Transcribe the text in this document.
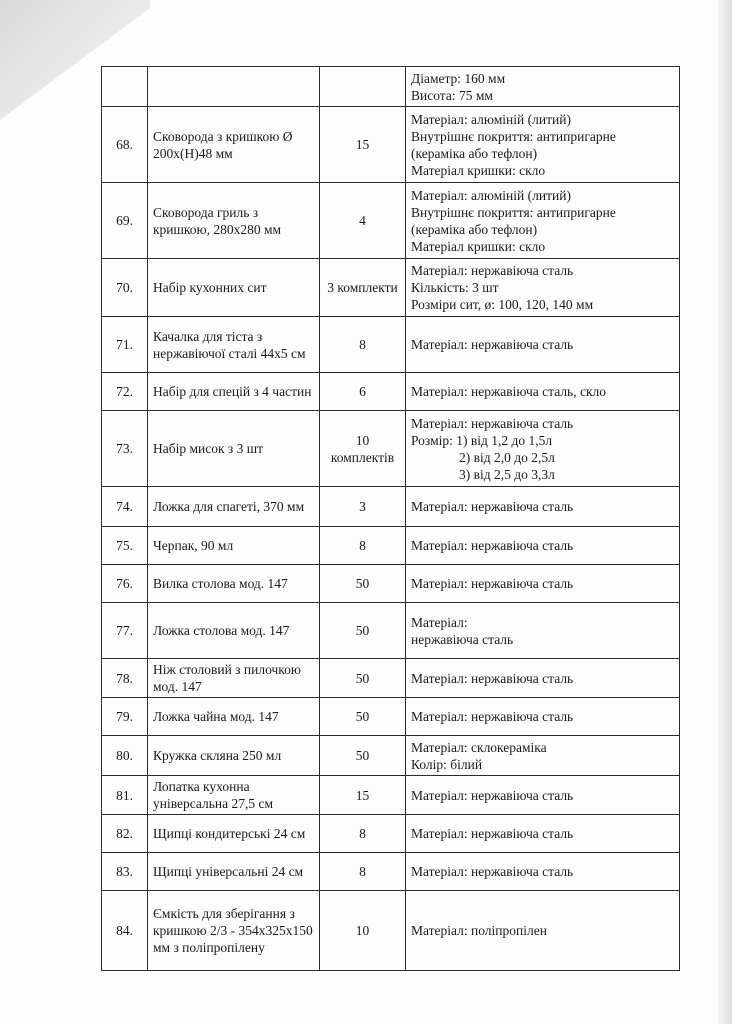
			Діаметр: 160 мм
Висота: 75 мм

68.	Сковорода з кришкою Ø 200х(Н)48 мм	15	Матеріал: алюміній (литий)
Внутрішнє покриття: антипригарне
(кераміка або тефлон)
Матеріал кришки: скло

69.	Сковорода гриль з кришкою, 280х280 мм	4	Матеріал: алюміній (литий)
Внутрішнє покриття: антипригарне
(кераміка або тефлон)
Матеріал кришки: скло

70.	Набір кухонних сит	3 комплекти	Матеріал: нержавіюча сталь
Кількість: 3 шт
Розміри сит, ø: 100, 120, 140 мм

71.	Качалка для тіста з нержавіючої сталі 44х5 см	8	Матеріал: нержавіюча сталь

72.	Набір для спецій з 4 частин	6	Матеріал: нержавіюча сталь, скло

73.	Набір мисок з 3 шт	10 комплектів	Матеріал: нержавіюча сталь
Розмір: 1) від 1,2 до 1,5л
2) від 2,0 до 2,5л
3) від 2,5 до 3,3л

74.	Ложка для спагеті, 370 мм	3	Матеріал: нержавіюча сталь

75.	Черпак, 90 мл	8	Матеріал: нержавіюча сталь

76.	Вилка столова мод. 147	50	Матеріал: нержавіюча сталь

77.	Ложка столова мод. 147	50	Матеріал:
нержавіюча сталь

78.	Ніж столовий з пилочкою мод. 147	50	Матеріал: нержавіюча сталь

79.	Ложка чайна мод. 147	50	Матеріал: нержавіюча сталь

80.	Кружка скляна 250 мл	50	Матеріал: склокераміка
Колір: білий

81.	Лопатка кухонна універсальна 27,5 см	15	Матеріал: нержавіюча сталь

82.	Щипці кондитерські 24 см	8	Матеріал: нержавіюча сталь

83.	Щипці універсальні 24 см	8	Матеріал: нержавіюча сталь

84.	Ємкість для зберігання з кришкою 2/3 - 354х325х150 мм з поліпропілену	10	Матеріал: поліпропілен
